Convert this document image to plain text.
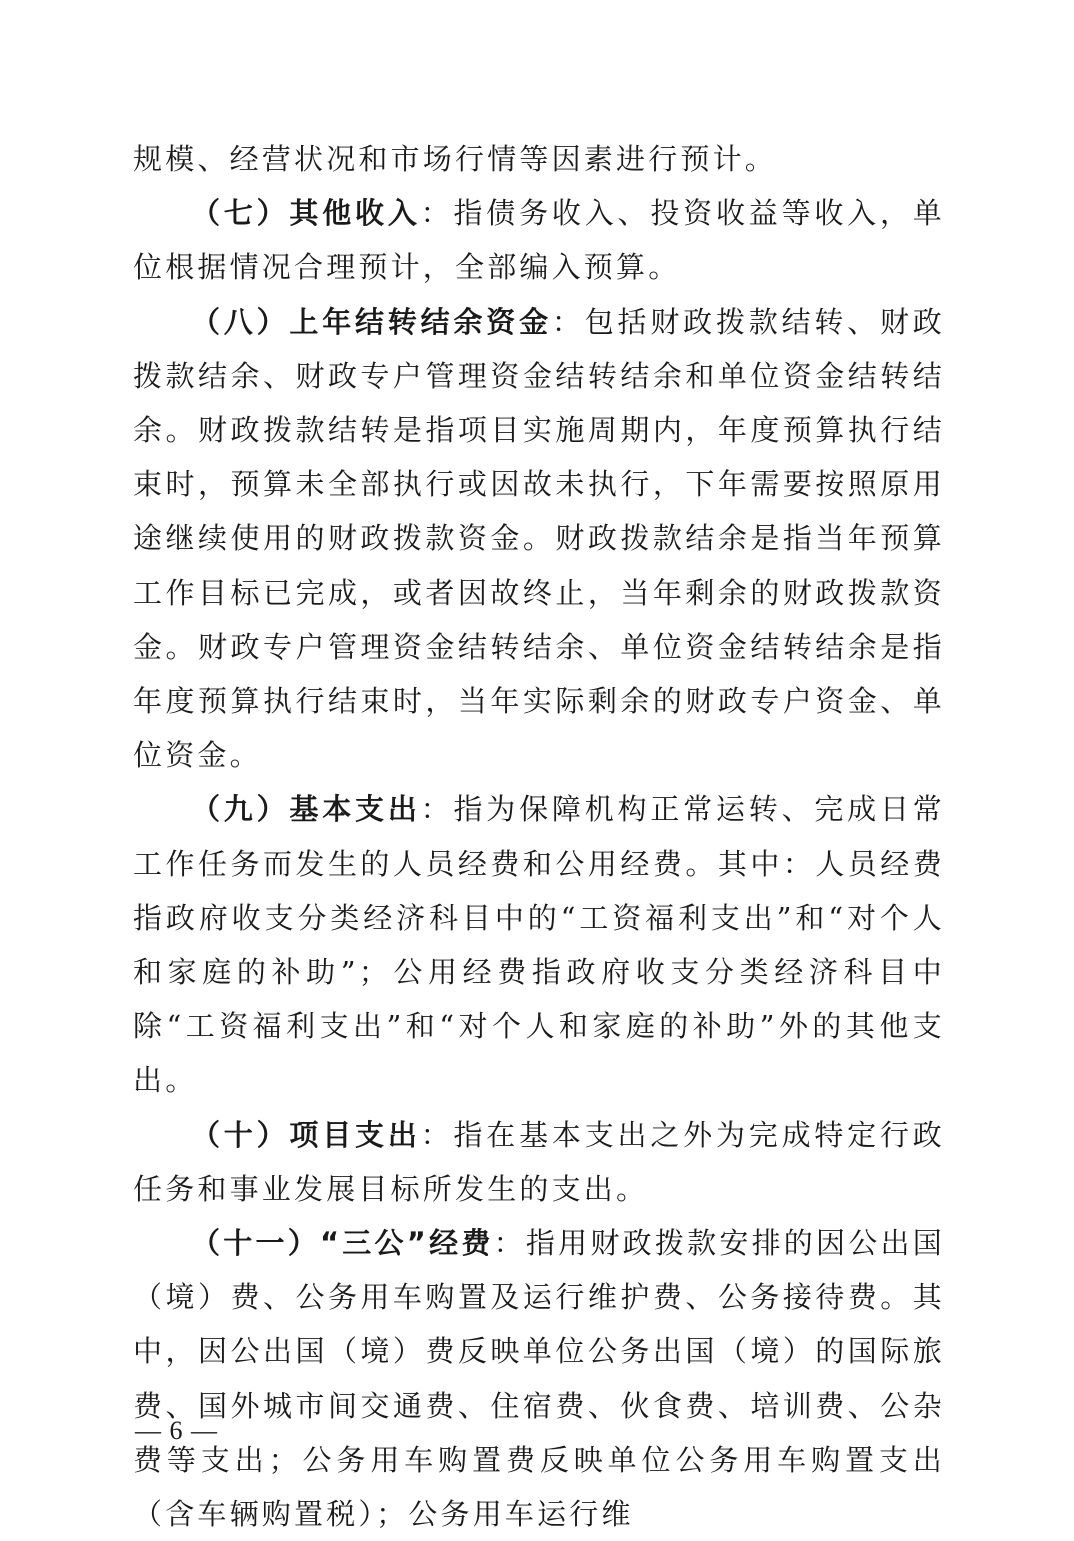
规模、经营状况和市场行情等因素进行预计。

（七）其他收入：指债务收入、投资收益等收入，单位根据情况合理预计，全部编入预算。

（八）上年结转结余资金：包括财政拨款结转、财政拨款结余、财政专户管理资金结转结余和单位资金结转结余。财政拨款结转是指项目实施周期内，年度预算执行结束时，预算未全部执行或因故未执行，下年需要按照原用途继续使用的财政拨款资金。财政拨款结余是指当年预算工作目标已完成，或者因故终止，当年剩余的财政拨款资金。财政专户管理资金结转结余、单位资金结转结余是指年度预算执行结束时，当年实际剩余的财政专户资金、单位资金。

（九）基本支出：指为保障机构正常运转、完成日常工作任务而发生的人员经费和公用经费。其中：人员经费指政府收支分类经济科目中的“工资福利支出”和“对个人和家庭的补助”；公用经费指政府收支分类经济科目中除“工资福利支出”和“对个人和家庭的补助”外的其他支出。

（十）项目支出：指在基本支出之外为完成特定行政任务和事业发展目标所发生的支出。

（十一）“三公”经费：指用财政拨款安排的因公出国（境）费、公务用车购置及运行维护费、公务接待费。其中，因公出国（境）费反映单位公务出国（境）的国际旅费、国外城市间交通费、住宿费、伙食费、培训费、公杂费等支出；公务用车购置费反映单位公务用车购置支出（含车辆购置税）；公务用车运行维

— 6 —
